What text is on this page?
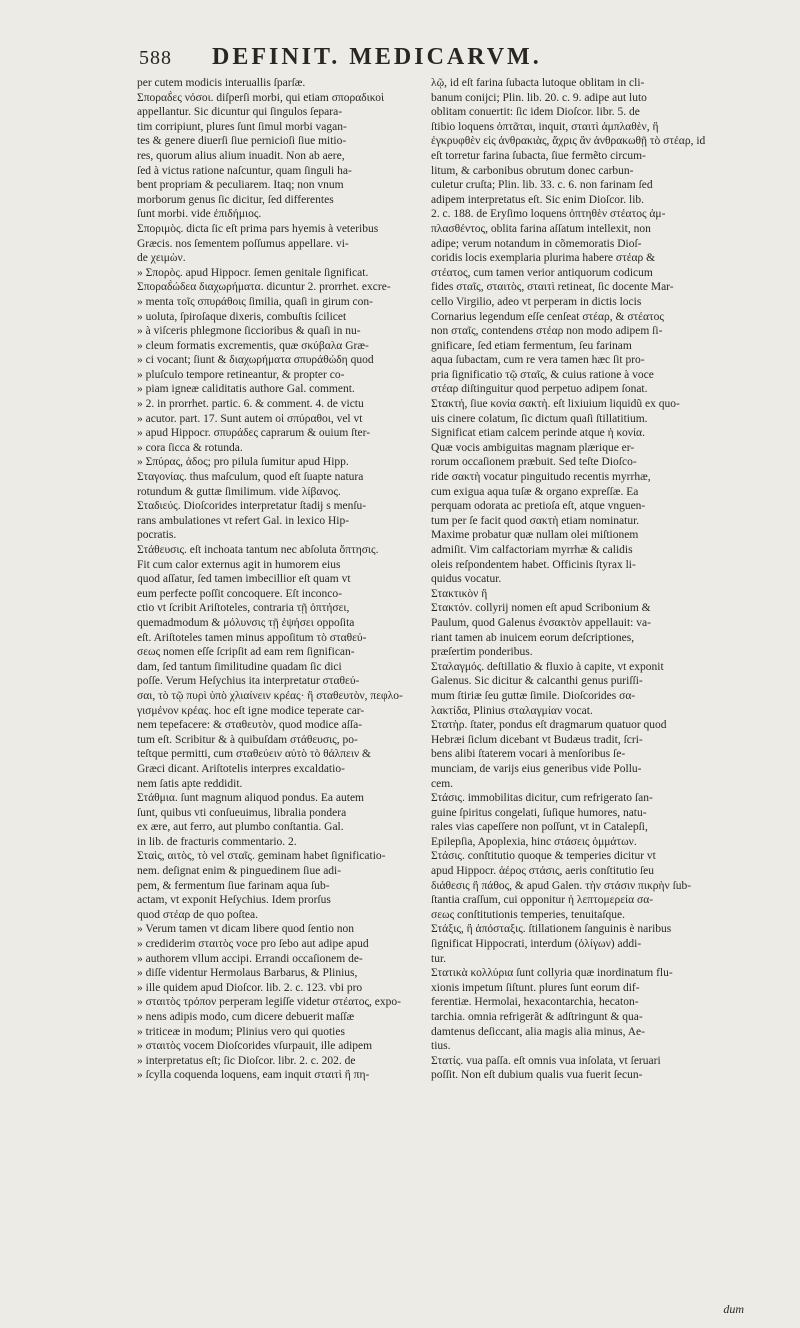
588 DEFINIT. MEDICARVM.
per cutem modicis interuallis ſparſæ.
Σποραδ̀ες νόσοι. diſperſi morbi, qui etiam σποραδικοὶ
appellantur. Sic dicuntur qui ſingulos ſepara-
tim corripiunt, plures ſunt ſimul morbi vagan-
tes & genere diuerſi ſiue pernicioſi ſiue mitio-
res, quorum alius alium inuadit. Non ab aere,
ſed à victus ratione naſcuntur, quam ſinguli ha-
bent propriam & peculiarem. Itaq; non vnum
morborum genus ſic dicitur, ſed differentes
ſunt morbi. vide ἐπιδήμιος.
Σποριμὸς. dicta ſic eſt prima pars hyemis à veteribus
Græcis. nos ſementem poſſumus appellare. vi-
de χειμὼν.
» Σπορὸς. apud Hippocr. ſemen genitale ſignificat.
Σποραδ̀ώδεα διαχωρήματα. dicuntur 2. prorrhet. excre-
» menta τοῖς σπυράθοις ſimilia, quaſi in girum con-
» uoluta, ſpiroſaque dixeris, combuſtis ſcilicet
» à viſceris phlegmone ſiccioribus & quaſi in nu-
» cleum formatis excrementis, quæ σκύβαλα Græ-
» ci vocant; ſiunt & διαχωρήματα σπυράθώδη quod
» pluſculo tempore retineantur, & propter co-
» piam igneæ caliditatis authore Gal. comment.
» 2. in prorrhet. partic. 6. & comment. 4. de victu
» acutor. part. 17. Sunt autem οἱ σπύραθοι, vel vt
» apud Hippocr. σπυράδες caprarum & ouium ſter-
» cora ſicca & rotunda.
» Σπύρας, ἀδος; pro pilula ſumitur apud Hipp.
Σταγονίας. thus maſculum, quod eſt ſuapte natura
rotundum & guttæ ſimilimum. vide λίβανος.
Σταδιεύς. Dioſcorides interpretatur ſtadij s menſu-
rans ambulationes vt refert Gal. in lexico Hip-
pocratis.
Στάθευσις. eſt inchoata tantum nec abſoluta ὄπτησις.
Fit cum calor externus agit in humorem eius
quod aſſatur, ſed tamen imbecillior eſt quam vt
eum perfecte poſſit concoquere. Eſt inconco-
ctio vt ſcribit Ariſtoteles, contraria τῇ ὀπτήσει,
quemadmodum & μόλυνσις τῇ ἑψήσει oppoſita
eſt. Ariſtoteles tamen minus appoſitum τὸ σταθεύ-
σεως nomen eſſe ſcripſit ad eam rem ſignifican-
dam, ſed tantum ſimilitudine quadam ſic dici
poſſe. Verum Heſychius ita interpretatur σταθεύ-
σαι, τὸ τῷ πυρὶ ὑπὸ χλιαίνειν κρέας· ἢ σταθευτὸν, πεφλο-
γισμένον κρέας. hoc eſt igne modice teperate car-
nem tepefacere: & σταθευτὸν, quod modice aſſa-
tum eſt. Scribitur & à quibuſdam στάθευσις, po-
teſtque permitti, cum σταθεύειν αὐτὸ τὸ θάλπειν &
Græci dicant. Ariſtotelis interpres excaldatio-
nem ſatis apte reddidit.
Στάθμια. ſunt magnum aliquod pondus. Ea autem
ſunt, quibus vti conſueuimus, libralia pondera
ex ære, aut ferro, aut plumbo conſtantia. Gal.
in lib. de fracturis commentario. 2.
Σταὶς, αιτὸς, τὸ vel σταῖς. geminam habet ſignificatio-
nem. deſignat enim & pinguedinem ſiue adi-
pem, & fermentum ſiue farinam aqua ſub-
actam, vt exponit Heſychius. Idem prorſus
quod στέαρ de quo poſtea.
» Verum tamen vt dicam libere quod ſentio non
» crediderim σταιτὸς voce pro ſebo aut adipe apud
» authorem vllum accipi. Errandi occaſionem de-
» diſſe videntur Hermolaus Barbarus, & Plinius,
» ille quidem apud Dioſcor. lib. 2. c. 123. vbi pro
» σταιτὸς τρόπον perperam legiſſe videtur στέατος, expo-
» nens adipis modo, cum dicere debuerit maſſæ
» triticeæ in modum; Plinius vero qui quoties
» σταιτὸς vocem Dioſcorides vſurpauit, ille adipem
» interpretatus eſt; ſic Dioſcor. libr. 2. c. 202. de
» ſcylla coquenda loquens, eam inquit σταιτὶ ἢ πη-
λῷ, id eſt farina ſubacta lutoque oblitam in cli-
banum conijci; Plin. lib. 20. c. 9. adipe aut luto
oblitam conuertit: ſic idem Dioſcor. libr. 5. de
ſtibio loquens ὀπτᾶται, inquit, σταιτὶ ἀμπλαθὲν, ἢ
ἐγκρυφθὲν εἰς ἀνθρακιὰς, ἄχρις ἂν ἀνθρακωθῇ τὸ στέαρ, id
eſt torretur farina ſubacta, ſiue fermẽto circum-
litum, & carbonibus obrutum donec carbun-
culetur cruſta; Plin. lib. 33. c. 6. non farinam ſed
adipem interpretatus eſt. Sic enim Dioſcor. lib.
2. c. 188. de Eryſimo loquens ὀπτηθὲν στέατος ἀμ-
πλασθέντος, oblita farina aſſatum intellexit, non
adipe; verum notandum in cõmemoratis Dioſ-
coridis locis exemplaria plurima habere στέαρ &
στέατος, cum tamen verior antiquorum codicum
fides σταῖς, σταιτὸς, σταιτὶ retineat, ſic docente Mar-
cello Virgilio, adeo vt perperam in dictis locis
Cornarius legendum eſſe cenſeat στέαρ, & στέατος
non σταῖς, contendens στέαρ non modo adipem ſi-
gnificare, ſed etiam fermentum, ſeu farinam
aqua ſubactam, cum re vera tamen hæc ſit pro-
pria ſignificatio τῷ σταῖς, & cuius ratione à voce
στέαρ diſtinguitur quod perpetuo adipem ſonat.
Στακτή, ſiue κονία σακτὴ. eſt lixiuium liquidũ ex quo-
uis cinere colatum, ſic dictum quaſi ſtillatitium.
Significat etiam calcem perinde atque ἡ κονία.
Quæ vocis ambiguitas magnam plærique er-
rorum occaſionem præbuit. Sed teſte Dioſco-
ride σακτὴ vocatur pinguitudo recentis myrrhæ,
cum exigua aqua tuſæ & organo expreſſæ. Ea
perquam odorata ac pretioſa eſt, atque vnguen-
tum per ſe facit quod σακτὴ etiam nominatur.
Maxime probatur quæ nullam olei miſtionem
admiſit. Vim calfactoriam myrrhæ & calidis
oleis reſpondentem habet. Officinis ſtyrax li-
quidus vocatur.
Στακτικὸν ἢ
Στακτόν. collyrij nomen eſt apud Scribonium &
Paulum, quod Galenus ἐνσακτὸν appellauit: va-
riant tamen ab inuicem eorum deſcriptiones,
præſertim ponderibus.
Σταλαγμός. deſtillatio & fluxio à capite, vt exponit
Galenus. Sic dicitur & calcanthi genus puriſſi-
mum ſtiriæ ſeu guttæ ſimile. Dioſcorides σα-
λακτίδα, Plinius σταλαγμίαν vocat.
Στατὴρ. ſtater, pondus eſt dragmarum quatuor quod
Hebræi ſiclum dicebant vt Budæus tradit, ſcri-
bens alibi ſtaterem vocari à menſoribus ſe-
munciam, de varijs eius generibus vide Pollu-
cem.
Στάσις. immobilitas dicitur, cum refrigerato ſan-
guine ſpiritus congelati, ſuſique humores, natu-
rales vias capeſſere non poſſunt, vt in Catalepſi,
Epilepſia, Apoplexia, hinc στάσεις ὀμμάτων.
Στάσις. conſtitutio quoque & temperies dicitur vt
apud Hippocr. ἀέρος στάσις, aeris conſtitutio ſeu
διάθεσις ἢ πάθος, & apud Galen. τὴν στάσιν πικρὴν ſub-
ſtantia craſſum, cui opponitur ἡ λεπτομερεία σα-
σεως conſtitutionis temperies, tenuitaſque.
Στάξις, ἢ ἀπόσταξις. ſtillationem ſanguinis è naribus
ſignificat Hippocrati, interdum (ὀλίγων) addi-
tur.
Στατικὰ κολλύρια ſunt collyria quæ inordinatum flu-
xionis impetum ſiſtunt. plures ſunt eorum dif-
ferentiæ. Hermolai, hexacontarchia, hecaton-
tarchia. omnia refrigerãt & adſtringunt & qua-
damtenus deſiccant, alia magis alia minus, Ae-
tius.
Στατίς. vua paſſa. eſt omnis vua inſolata, vt ſeruari
poſſit. Non eſt dubium qualis vua fuerit ſecun-
dum
